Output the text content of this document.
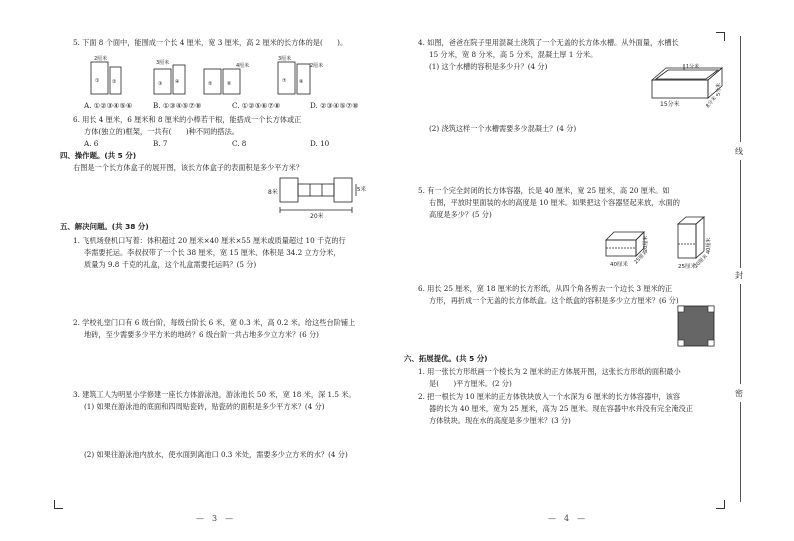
5. 下面 8 个面中，能围成一个长 4 厘米，宽 3 厘米，高 2 厘米的长方体的是(　　)。
①
2厘米
②	③	④
3厘米
⑤	⑥	⑦	⑧
3厘米
2厘米
4厘米
A. ①②③④⑤⑥	B. ①③④⑤⑦⑧	C. ①②⑤⑥⑦⑧	D. ②③④⑤⑦⑧
6. 用长 4 厘米，6 厘米和 8 厘米的小棒若干根，能搭成一个长方体或正
方体(独立的)框架，一共有(　　)种不同的搭法。
A. 6	B. 7	C. 8	D. 10
四、操作题。(共 5 分)
右图是一个长方体盒子的展开图，该长方体盒子的表面积是多少平方米？
8米	5米
20米
五、解决问题。(共 38 分)
1. 飞机场登机口写着：体积超过 20 厘米×40 厘米×55 厘米或质量超过 10 千克的行
李需要托运。李叔叔带了一个长 38 厘米，宽 15 厘米、体积是 34.2 立方分米，
质量为 9.8 千克的礼盒，这个礼盒需要托运吗？(5 分)
2. 学校礼堂门口有 6 级台阶，每级台阶长 6 米，宽 0.3 米，高 0.2 米。给这些台阶铺上
地砖，至少需要多少平方米的地砖？6 级台阶一共占地多少立方米？(6 分)
3. 建筑工人为明星小学修建一座长方体游泳池，游泳池长 50 米，宽 18 米，深 1.5 米。
(1) 如果在游泳池的底面和四周贴瓷砖，贴瓷砖的面积是多少平方米？(4 分)
(2) 如果往游泳池内放水，使水面到离池口 0.3 米处，需要多少立方米的水？(4 分)
—　3　—
4. 如图，爸爸在院子里用混凝土浇筑了一个无盖的长方体水槽。从外面量，水槽长
15 分米，宽 8 分米，高 5 分米，混凝土厚 1 分米。
(1) 这个水槽的容积是多少升？(4 分)	1分米
15分米	8分米
5分米
(2) 浇筑这样一个水槽需要多少混凝土？(4 分)
5. 有一个完全封闭的长方体容器，长是 40 厘米，宽 25 厘米，高 20 厘米。如
右图，平放时里面装的水的高度是 10 厘米。如果把这个容器竖起来放，水面的
高度是多少？(5 分)
40厘米 25厘米
20厘米
25厘米
20厘米
40厘米
6. 用长 25 厘米，宽 18 厘米的长方形纸，从四个角各剪去一个边长 3 厘米的正
方形，再折成一个无盖的长方体纸盒。这个纸盒的容积是多少立方厘米？(6 分)
六、拓展提优。(共 5 分)
1. 用一张长方形纸画一个棱长为 2 厘米的正方体展开图，这张长方形纸的面积最小
是(　　)平方厘米。(2 分)
2. 把一根长为 10 厘米的正方体铁块放入一个水深为 6 厘米的长方体容器中，该容
器的长为 40 厘米，宽为 25 厘米，高为 25 厘米。现在容器中水并没有完全淹没正
方体铁块。现在水的高度是多少厘米？(3 分)
—　4　—
线
封
密
